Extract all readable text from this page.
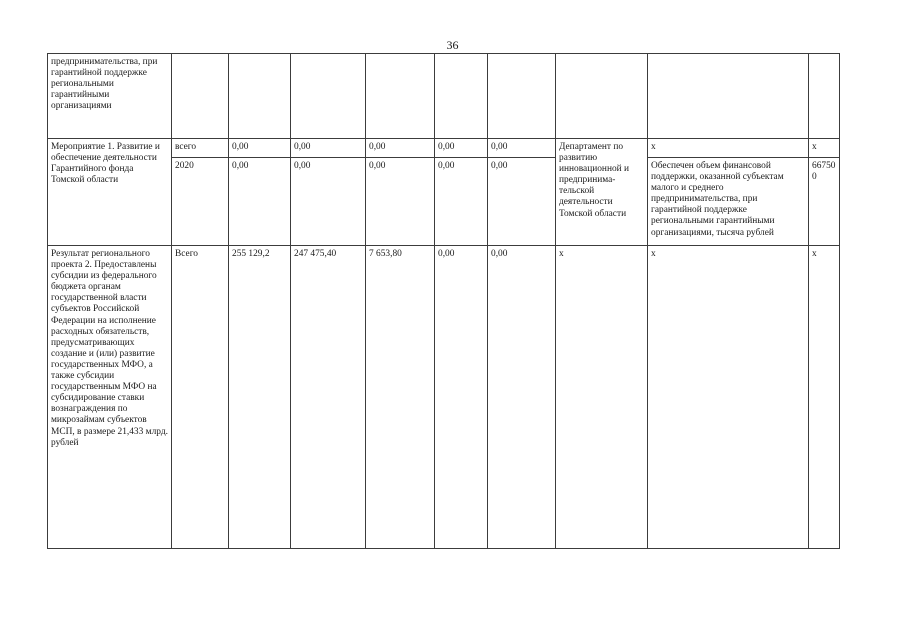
36
предпринимательства, при гарантийной поддержке региональными гарантийными организациями									
Мероприятие 1. Развитие и обеспечение деятельности Гарантийного фонда Томской области	всего	0,00	0,00	0,00	0,00	0,00	Департамент по развитию инновационной и предпринима-тельской деятельности Томской области	x	x
	2020	0,00	0,00	0,00	0,00	0,00		Обеспечен объем финансовой поддержки, оказанной субъектам малого и среднего предпринимательства, при гарантийной поддержке региональными гарантийными организациями, тысяча рублей	667500
Результат регионального проекта 2. Предоставлены субсидии из федерального бюджета органам государственной власти субъектов Российской Федерации на исполнение расходных обязательств, предусматривающих создание и (или) развитие государственных МФО, а также субсидии государственным МФО на субсидирование ставки вознаграждения по микрозаймам субъектов МСП, в размере 21,433 млрд. рублей	Всего	255 129,2	247 475,40	7 653,80	0,00	0,00	x	x	x
